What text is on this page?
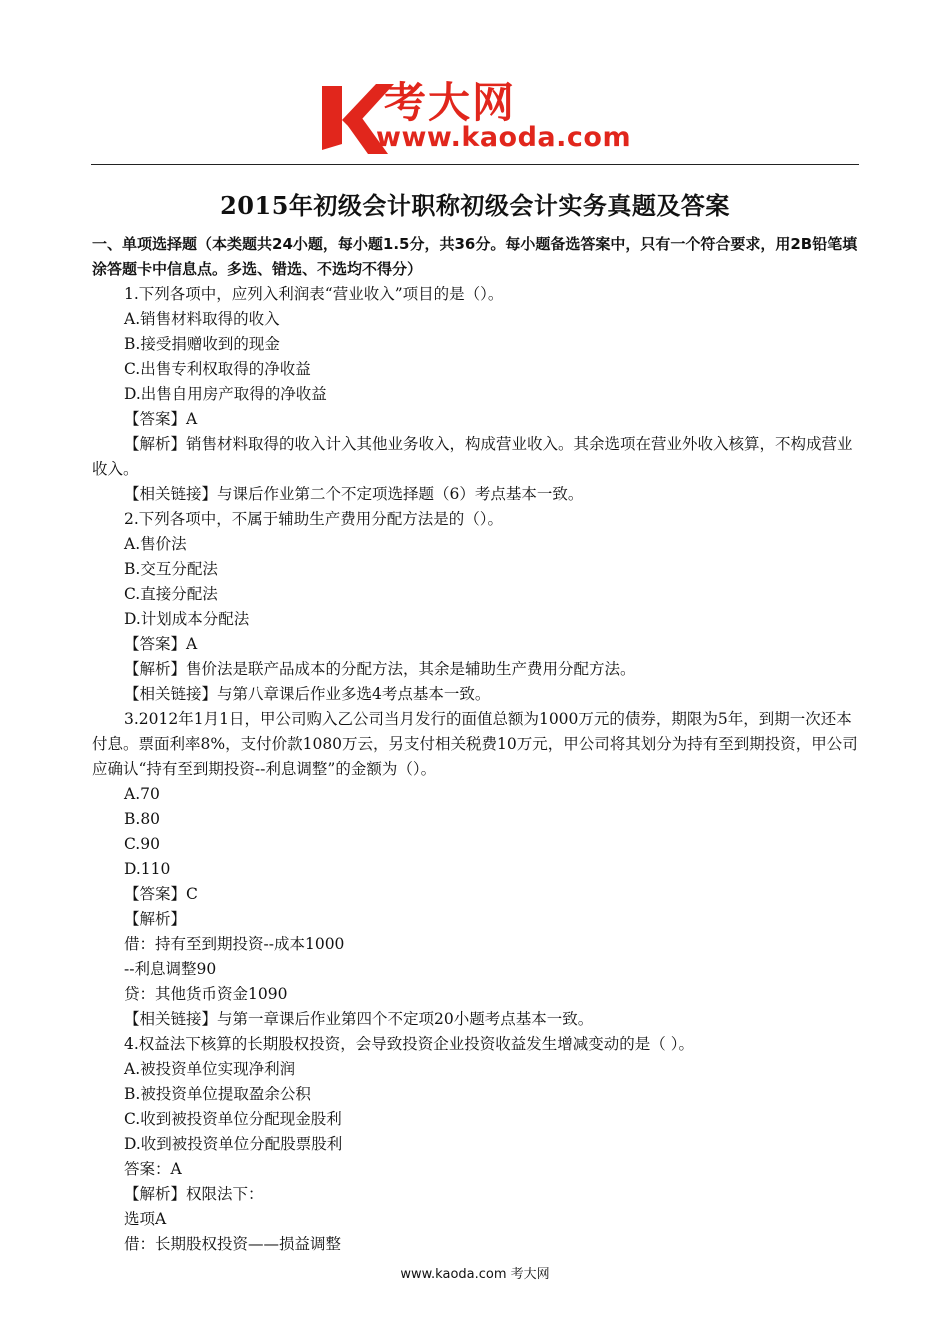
考大网
www.kaoda.com
2015年初级会计职称初级会计实务真题及答案
一、单项选择题（本类题共24小题，每小题1.5分，共36分。每小题备选答案中，只有一个符合要求，用2B铅笔填涂答题卡中信息点。多选、错选、不选均不得分）
1.下列各项中，应列入利润表“营业收入”项目的是（）。
A.销售材料取得的收入
B.接受捐赠收到的现金
C.出售专利权取得的净收益
D.出售自用房产取得的净收益
【答案】A
【解析】销售材料取得的收入计入其他业务收入，构成营业收入。其余选项在营业外收入核算，不构成营业收入。
【相关链接】与课后作业第二个不定项选择题（6）考点基本一致。
2.下列各项中，不属于辅助生产费用分配方法是的（）。
A.售价法
B.交互分配法
C.直接分配法
D.计划成本分配法
【答案】A
【解析】售价法是联产品成本的分配方法，其余是辅助生产费用分配方法。
【相关链接】与第八章课后作业多选4考点基本一致。
3.2012年1月1日，甲公司购入乙公司当月发行的面值总额为1000万元的债券，期限为5年，到期一次还本付息。票面利率8%，支付价款1080万云，另支付相关税费10万元，甲公司将其划分为持有至到期投资，甲公司应确认“持有至到期投资--利息调整”的金额为（）。
A.70
B.80
C.90
D.110
【答案】C
【解析】
借：持有至到期投资--成本1000
--利息调整90
贷：其他货币资金1090
【相关链接】与第一章课后作业第四个不定项20小题考点基本一致。
4.权益法下核算的长期股权投资，会导致投资企业投资收益发生增减变动的是（ ）。
A.被投资单位实现净利润
B.被投资单位提取盈余公积
C.收到被投资单位分配现金股利
D.收到被投资单位分配股票股利
答案：A
【解析】权限法下：
选项A
借：长期股权投资——损益调整
www.kaoda.com 考大网
